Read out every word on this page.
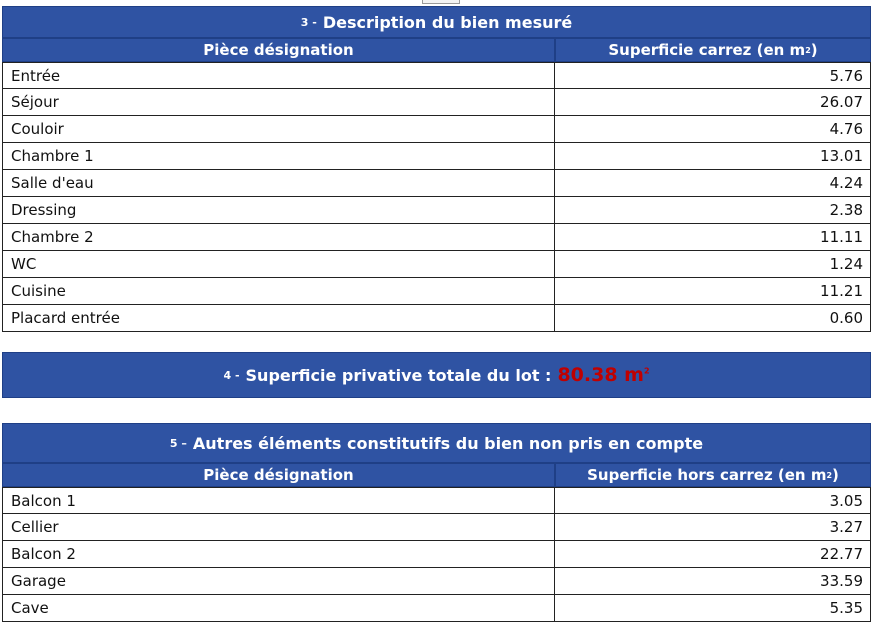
3 - Description du bien mesuré
Pièce désignation	Superficie carrez (en m 2 )
Entrée	5.76
Séjour	26.07
Couloir	4.76
Chambre 1	13.01
Salle d'eau	4.24
Dressing	2.38
Chambre 2	11.11
WC	1.24
Cuisine	11.21
Placard entrée	0.60
4 - Superficie privative totale du lot : 80.38 $m^2$
5 – Autres éléments constitutifs du bien non pris en compte
Pièce désignation	Superficie hors carrez (en m 2 )
Balcon 1	3.05
Cellier	3.27
Balcon 2	22.77
Garage	33.59
Cave	5.35
